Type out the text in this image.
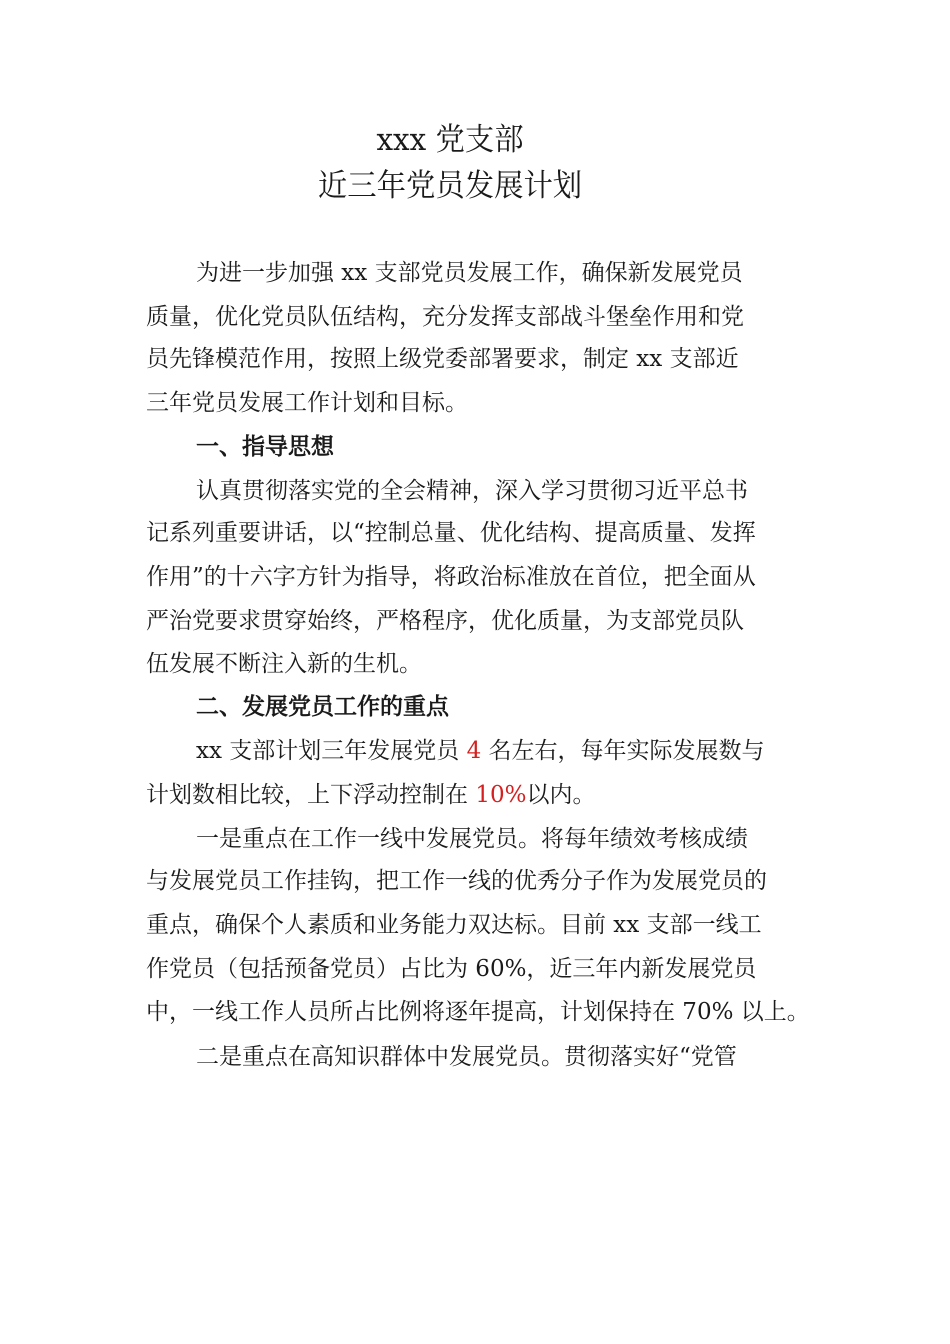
xxx 党支部
近三年党员发展计划
为进一步加强 xx 支部党员发展工作，确保新发展党员
质量，优化党员队伍结构，充分发挥支部战斗堡垒作用和党
员先锋模范作用，按照上级党委部署要求，制定 xx 支部近
三年党员发展工作计划和目标。
一、指导思想
认真贯彻落实党的全会精神，深入学习贯彻习近平总书
记系列重要讲话，以“控制总量、优化结构、提高质量、发挥
作用”的十六字方针为指导，将政治标准放在首位，把全面从
严治党要求贯穿始终，严格程序，优化质量，为支部党员队
伍发展不断注入新的生机。
二、发展党员工作的重点
xx 支部计划三年发展党员 4 名左右，每年实际发展数与
计划数相比较，上下浮动控制在 10%以内。
一是重点在工作一线中发展党员。将每年绩效考核成绩
与发展党员工作挂钩，把工作一线的优秀分子作为发展党员的
重点，确保个人素质和业务能力双达标。目前 xx 支部一线工
作党员（包括预备党员）占比为 60%，近三年内新发展党员
中，一线工作人员所占比例将逐年提高，计划保持在 70% 以上。
二是重点在高知识群体中发展党员。贯彻落实好“党管
